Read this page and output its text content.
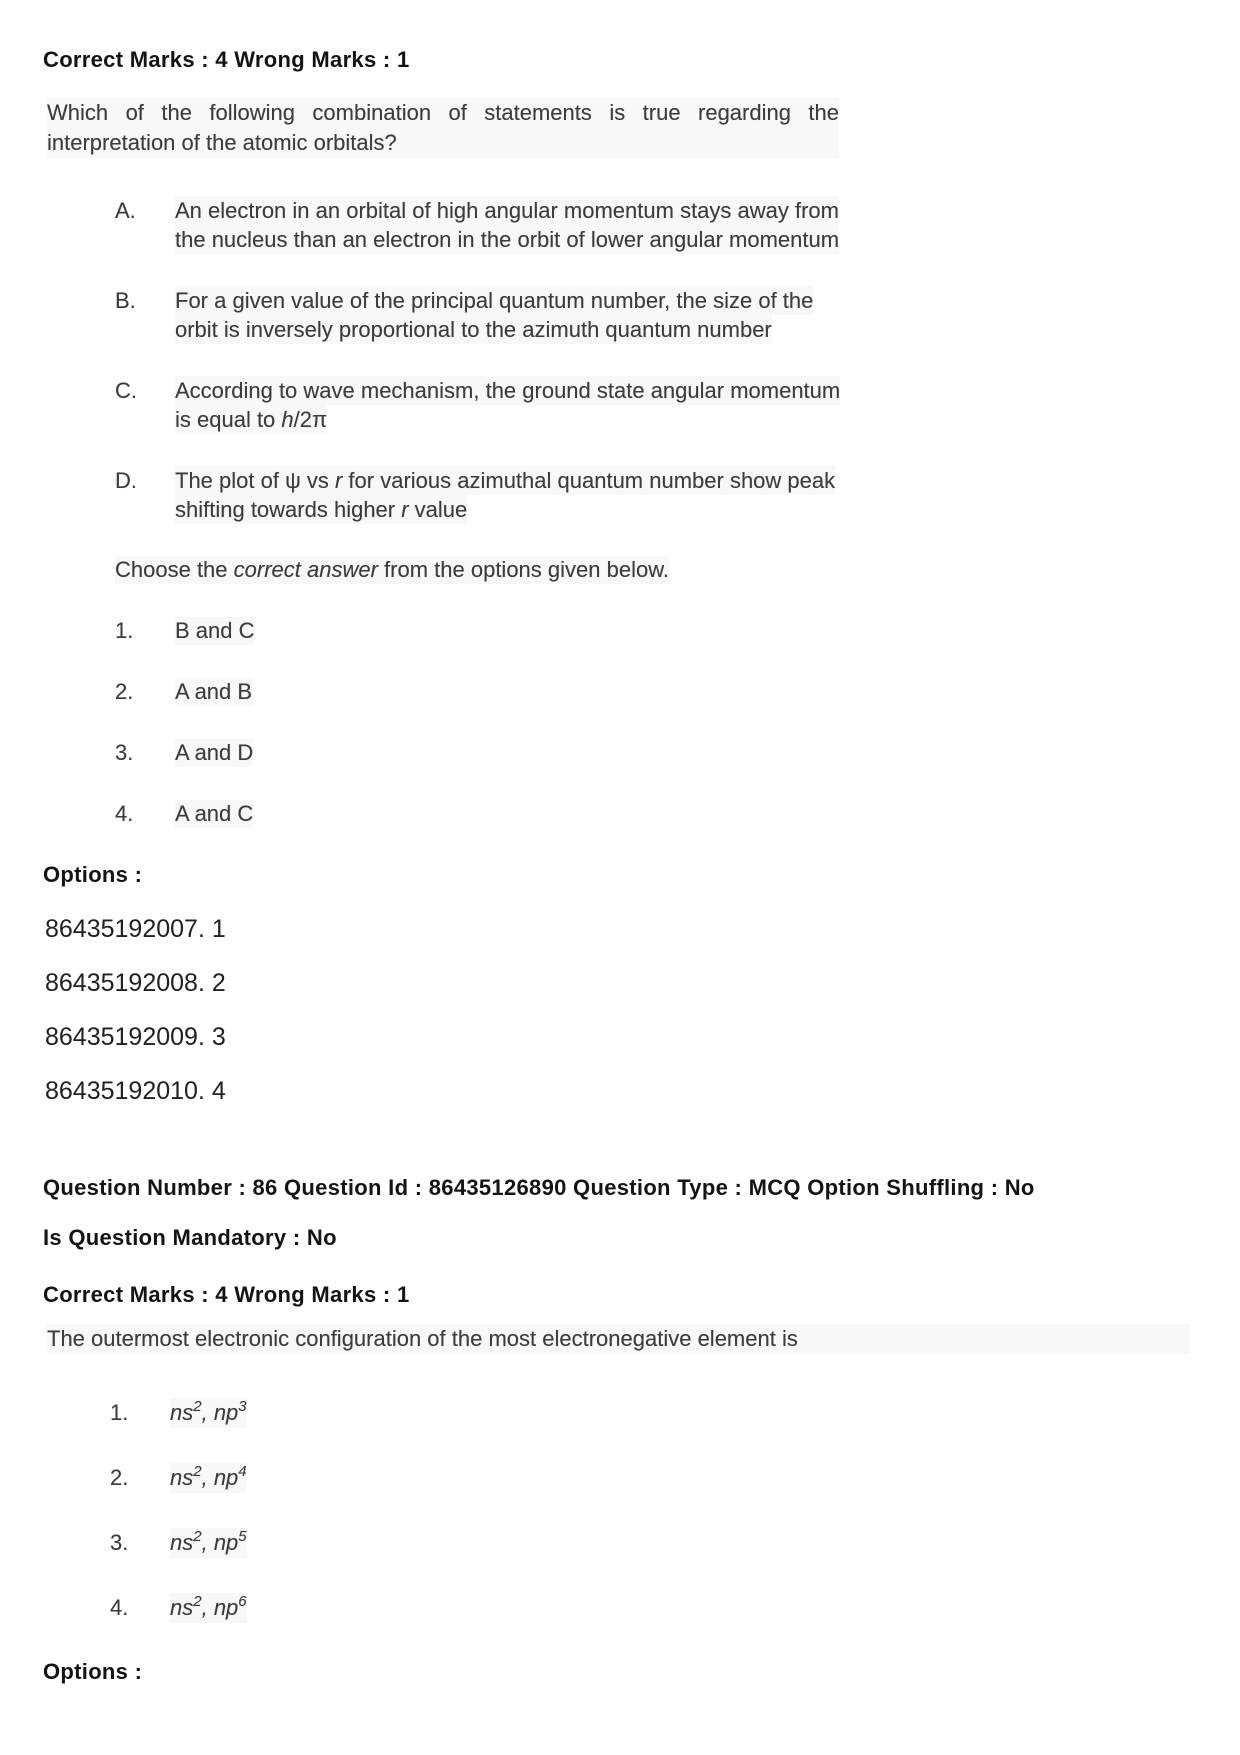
Correct Marks : 4 Wrong Marks : 1
Which of the following combination of statements is true regarding the interpretation of the atomic orbitals?
A.	An electron in an orbital of high angular momentum stays away from
the nucleus than an electron in the orbit of lower angular momentum
B.	For a given value of the principal quantum number, the size of the
orbit is inversely proportional to the azimuth quantum number
C.	According to wave mechanism, the ground state angular momentum
is equal to h/2π
D.	The plot of ψ vs r for various azimuthal quantum number show peak
shifting towards higher r value
Choose the correct answer from the options given below.
1.	B and C
2.	A and B
3.	A and D
4.	A and C
Options :
86435192007. 1
86435192008. 2
86435192009. 3
86435192010. 4
Question Number : 86 Question Id : 86435126890 Question Type : MCQ Option Shuffling : No
Is Question Mandatory : No
Correct Marks : 4 Wrong Marks : 1
The outermost electronic configuration of the most electronegative element is
1.	$ns^2$, $np^3$
2.	$ns^2$, $np^4$
3.	$ns^2$, $np^5$
4.	$ns^2$, $np^6$
Options :
